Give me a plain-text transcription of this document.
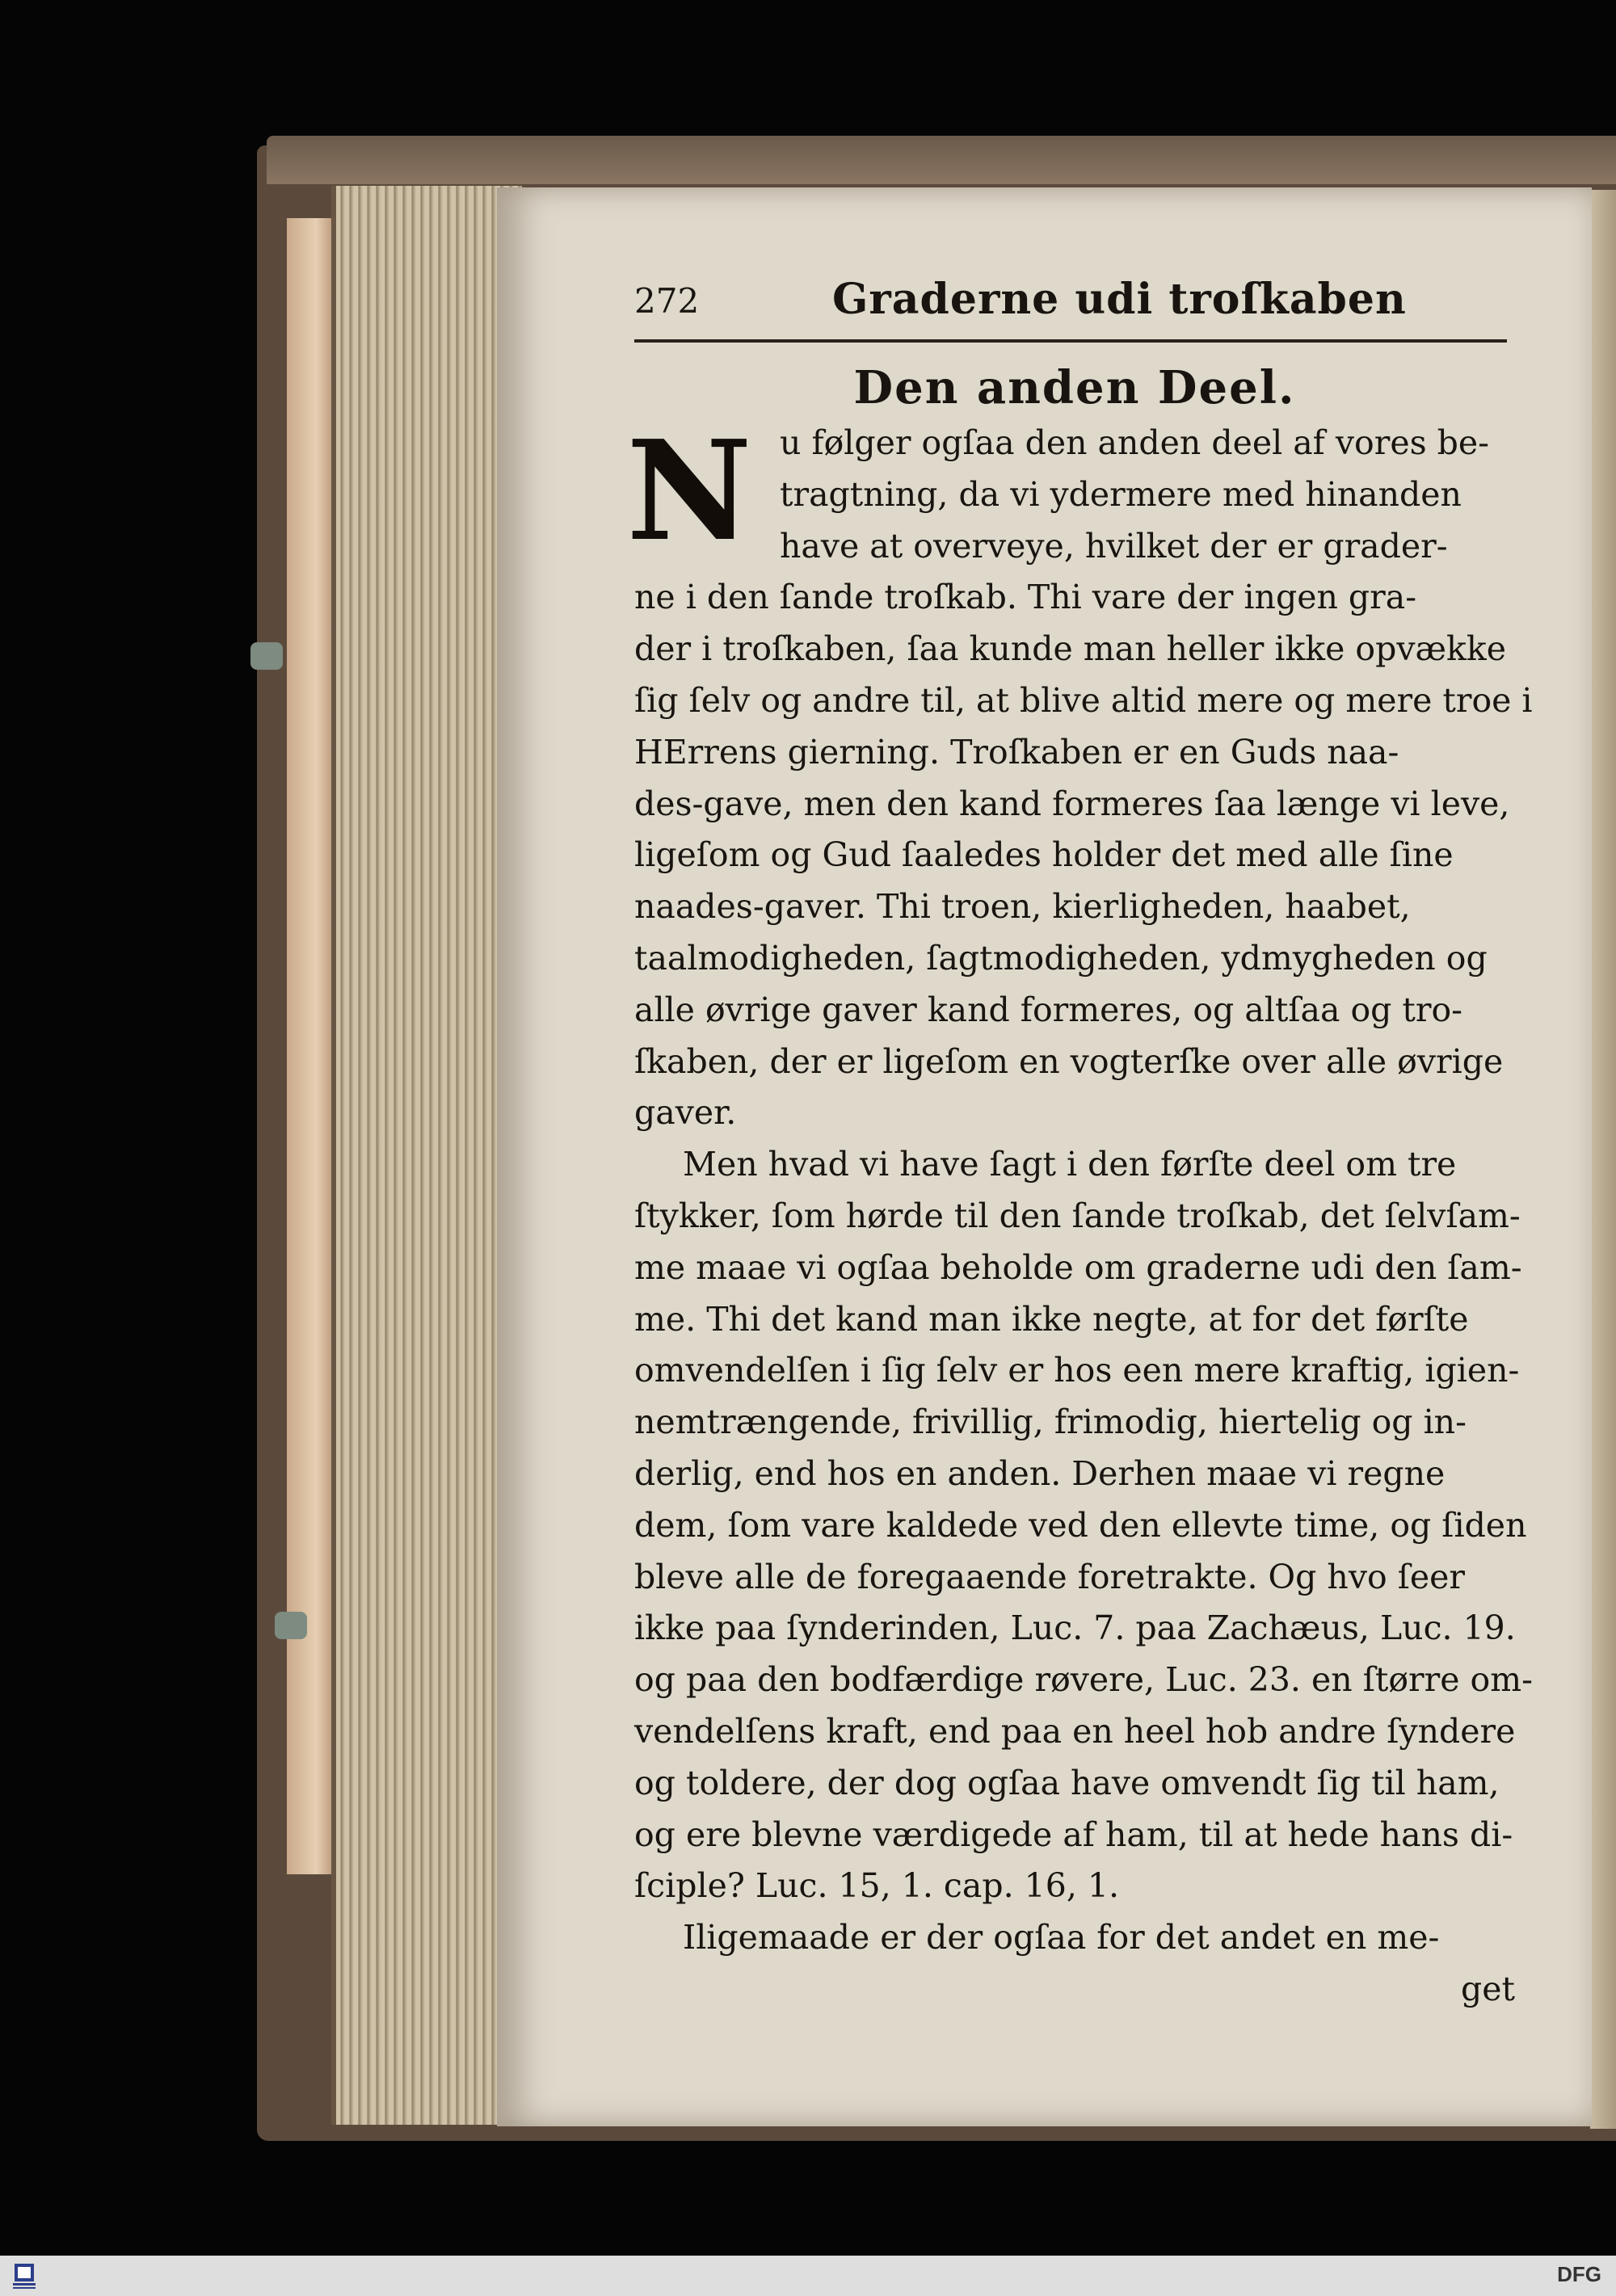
272	Graderne udi troſkaben
Den anden Deel.
N u følger ogſaa den anden deel af vores be-
tragtning, da vi ydermere med hinanden
have at overveye, hvilket der er grader-
ne i den ſande troſkab. Thi vare der ingen gra-
der i troſkaben, ſaa kunde man heller ikke opvække
ſig ſelv og andre til, at blive altid mere og mere troe i
HErrens gierning. Troſkaben er en Guds naa-
des-gave, men den kand formeres ſaa længe vi leve,
ligeſom og Gud ſaaledes holder det med alle ſine
naades-gaver. Thi troen, kierligheden, haabet,
taalmodigheden, ſagtmodigheden, ydmygheden og
alle øvrige gaver kand formeres, og altſaa og tro-
ſkaben, der er ligeſom en vogterſke over alle øvrige
gaver.

Men hvad vi have ſagt i den førſte deel om tre
ſtykker, ſom hørde til den ſande troſkab, det ſelvſam-
me maae vi ogſaa beholde om graderne udi den ſam-
me. Thi det kand man ikke negte, at for det førſte
omvendelſen i ſig ſelv er hos een mere kraftig, igien-
nemtrængende, frivillig, frimodig, hiertelig og in-
derlig, end hos en anden. Derhen maae vi regne
dem, ſom vare kaldede ved den ellevte time, og ſiden
bleve alle de foregaaende foretrakte. Og hvo ſeer
ikke paa ſynderinden, Luc. 7. paa Zachæus, Luc. 19.
og paa den bodfærdige røvere, Luc. 23. en ſtørre om-
vendelſens kraft, end paa en heel hob andre ſyndere
og toldere, der dog ogſaa have omvendt ſig til ham,
og ere blevne værdigede af ham, til at hede hans di-
ſciple? Luc. 15, 1. cap. 16, 1.

Iligemaade er der ogſaa for det andet en me-

get
DFG
